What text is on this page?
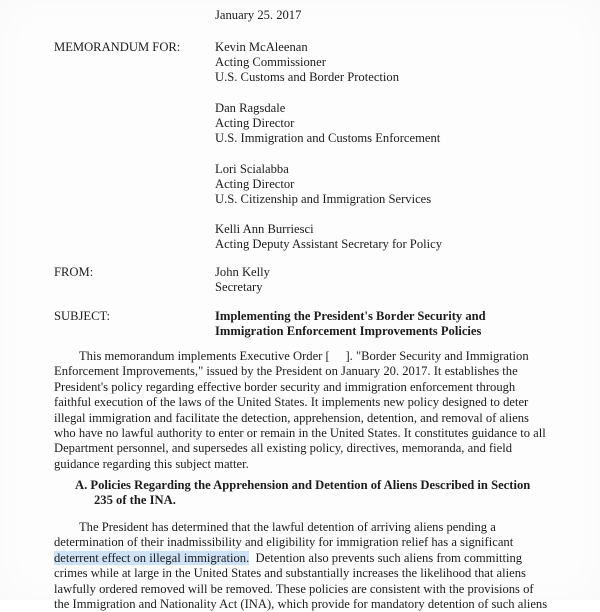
January 25. 2017
MEMORANDUM FOR:	Kevin McAleenan
Acting Commissioner
U.S. Customs and Border Protection
Dan Ragsdale
Acting Director
U.S. Immigration and Customs Enforcement
Lori Scialabba
Acting Director
U.S. Citizenship and Immigration Services
Kelli Ann Burriesci
Acting Deputy Assistant Secretary for Policy
FROM:	John Kelly
Secretary
SUBJECT:	Implementing the President's Border Security and
Immigration Enforcement Improvements Policies
This memorandum implements Executive Order [     ]. "Border Security and Immigration
Enforcement Improvements," issued by the President on January 20. 2017. It establishes the
President's policy regarding effective border security and immigration enforcement through
faithful execution of the laws of the United States. It implements new policy designed to deter
illegal immigration and facilitate the detection, apprehension, detention, and removal of aliens
who have no lawful authority to enter or remain in the United States. It constitutes guidance to all
Department personnel, and supersedes all existing policy, directives, memoranda, and field
guidance regarding this subject matter.
A. Policies Regarding the Apprehension and Detention of Aliens Described in Section
235 of the INA.
The President has determined that the lawful detention of arriving aliens pending a
determination of their inadmissibility and eligibility for immigration relief has a significant
deterrent effect on illegal immigration.  Detention also prevents such aliens from committing
crimes while at large in the United States and substantially increases the likelihood that aliens
lawfully ordered removed will be removed. These policies are consistent with the provisions of
the Immigration and Nationality Act (INA), which provide for mandatory detention of such aliens
